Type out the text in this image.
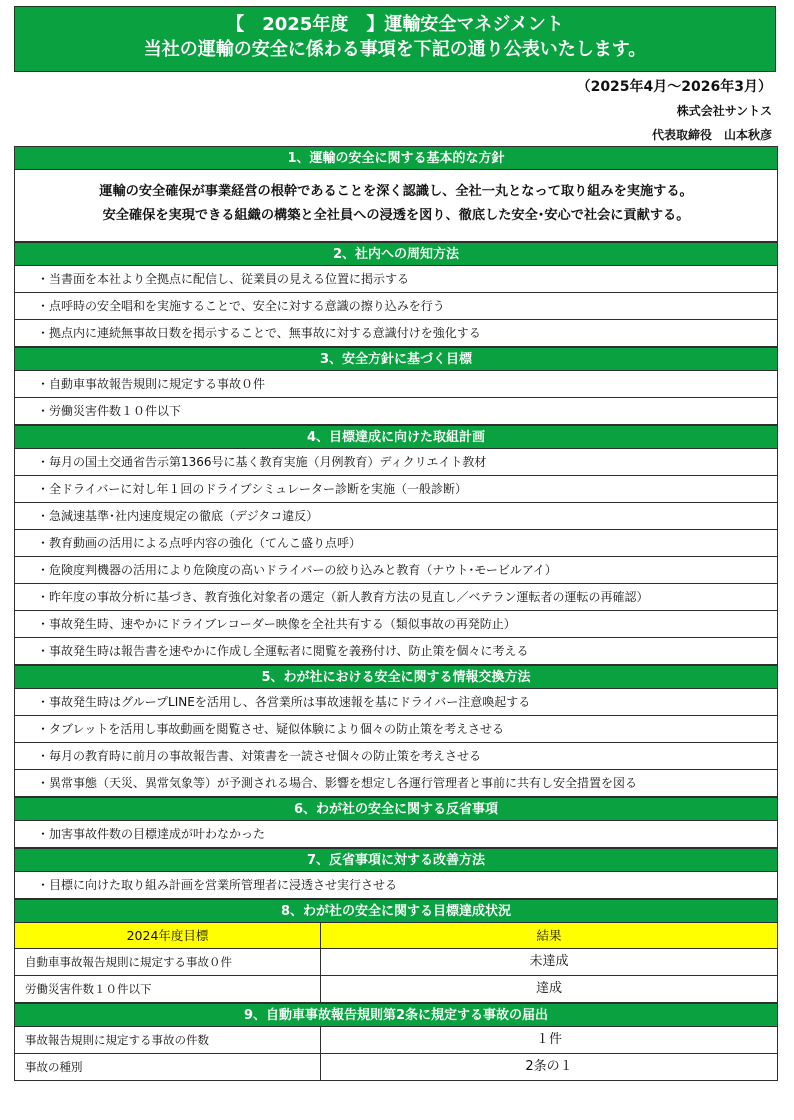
【　2025年度　】運輸安全マネジメント
当社の運輸の安全に係わる事項を下記の通り公表いたします。
（2025年4月～2026年3月）
株式会社サントス
代表取締役　山本秋彦
1、運輸の安全に関する基本的な方針
運輸の安全確保が事業経営の根幹であることを深く認識し、全社一丸となって取り組みを実施する。
安全確保を実現できる組織の構築と全社員への浸透を図り、徹底した安全･安心で社会に貢献する。
2、社内への周知方法
・当書面を本社より全拠点に配信し、従業員の見える位置に掲示する
・点呼時の安全唱和を実施することで、安全に対する意識の擦り込みを行う
・拠点内に連続無事故日数を掲示することで、無事故に対する意識付けを強化する
3、安全方針に基づく目標
・自動車事故報告規則に規定する事故０件
・労働災害件数１０件以下
4、目標達成に向けた取組計画
・毎月の国土交通省告示第1366号に基く教育実施（月例教育）ディクリエイト教材
・全ドライバーに対し年１回のドライブシミュレーター診断を実施（一般診断）
・急減速基準･社内速度規定の徹底（デジタコ違反）
・教育動画の活用による点呼内容の強化（てんこ盛り点呼）
・危険度判機器の活用により危険度の高いドライバーの絞り込みと教育（ナウト･モービルアイ）
・昨年度の事故分析に基づき、教育強化対象者の選定（新人教育方法の見直し／ベテラン運転者の運転の再確認）
・事故発生時、速やかにドライブレコーダー映像を全社共有する（類似事故の再発防止）
・事故発生時は報告書を速やかに作成し全運転者に閲覧を義務付け、防止策を個々に考える
5、わが社における安全に関する情報交換方法
・事故発生時はグループLINEを活用し、各営業所は事故速報を基にドライバー注意喚起する
・タブレットを活用し事故動画を閲覧させ、疑似体験により個々の防止策を考えさせる
・毎月の教育時に前月の事故報告書、対策書を一読させ個々の防止策を考えさせる
・異常事態（天災、異常気象等）が予測される場合、影響を想定し各運行管理者と事前に共有し安全措置を図る
6、わが社の安全に関する反省事項
・加害事故件数の目標達成が叶わなかった
7、反省事項に対する改善方法
・目標に向けた取り組み計画を営業所管理者に浸透させ実行させる
8、わが社の安全に関する目標達成状況
2024年度目標	結果
自動車事故報告規則に規定する事故０件	未達成
労働災害件数１０件以下	達成
9、自動車事故報告規則第2条に規定する事故の届出
事故報告規則に規定する事故の件数	１件
事故の種別	2条の１
